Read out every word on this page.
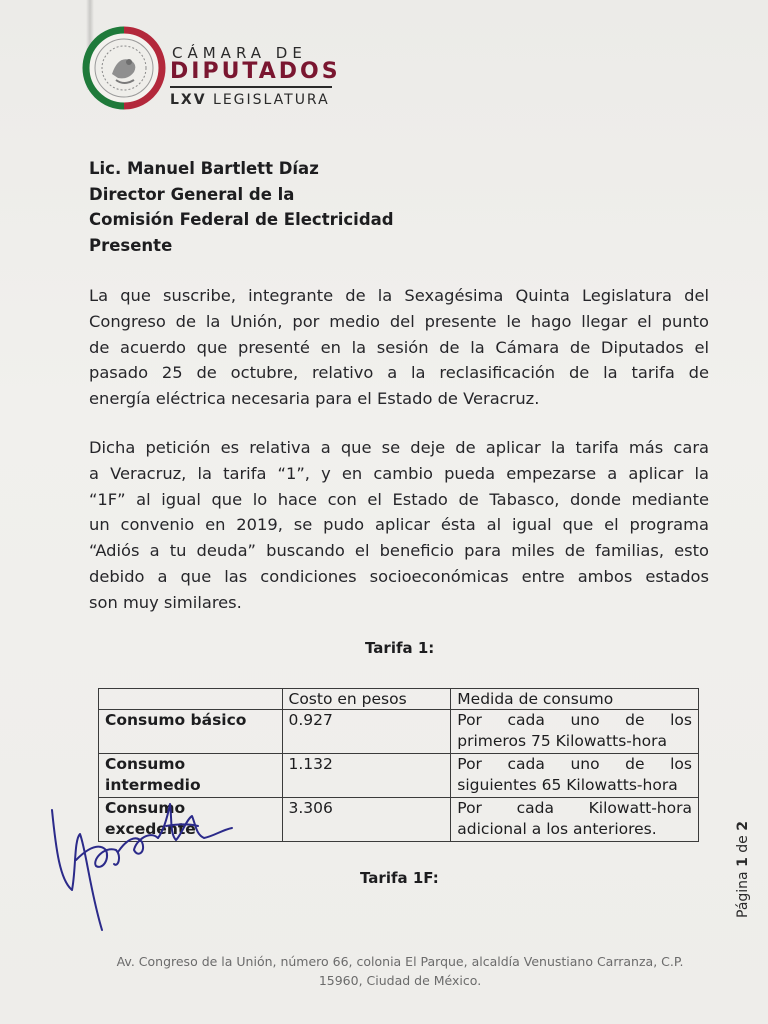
CÁMARA DE
DIPUTADOS
LXV LEGISLATURA
Lic. Manuel Bartlett Díaz
Director General de la
Comisión Federal de Electricidad
Presente
La que suscribe, integrante de la Sexagésima Quinta Legislatura del
Congreso de la Unión, por medio del presente le hago llegar el punto
de acuerdo que presenté en la sesión de la Cámara de Diputados el
pasado 25 de octubre, relativo a la reclasificación de la tarifa de
energía eléctrica necesaria para el Estado de Veracruz.
Dicha petición es relativa a que se deje de aplicar la tarifa más cara
a Veracruz, la tarifa “1”, y en cambio pueda empezarse a aplicar la
“1F” al igual que lo hace con el Estado de Tabasco, donde mediante
un convenio en 2019, se pudo aplicar ésta al igual que el programa
“Adiós a tu deuda” buscando el beneficio para miles de familias, esto
debido a que las condiciones socioeconómicas entre ambos estados
son muy similares.
Tarifa 1:
	Costo en pesos	Medida de consumo
Consumo básico	0.927	Por cada uno de los
primeros 75 Kilowatts-hora

Consumo intermedio	1.132	Por cada uno de los
siguientes 65 Kilowatts-hora

Consumo excedente	3.306	Por cada Kilowatt-hora
adicional a los anteriores.
Tarifa 1F:	Página 1 de 2
Av. Congreso de la Unión, número 66, colonia El Parque, alcaldía Venustiano Carranza, C.P.
15960, Ciudad de México.
